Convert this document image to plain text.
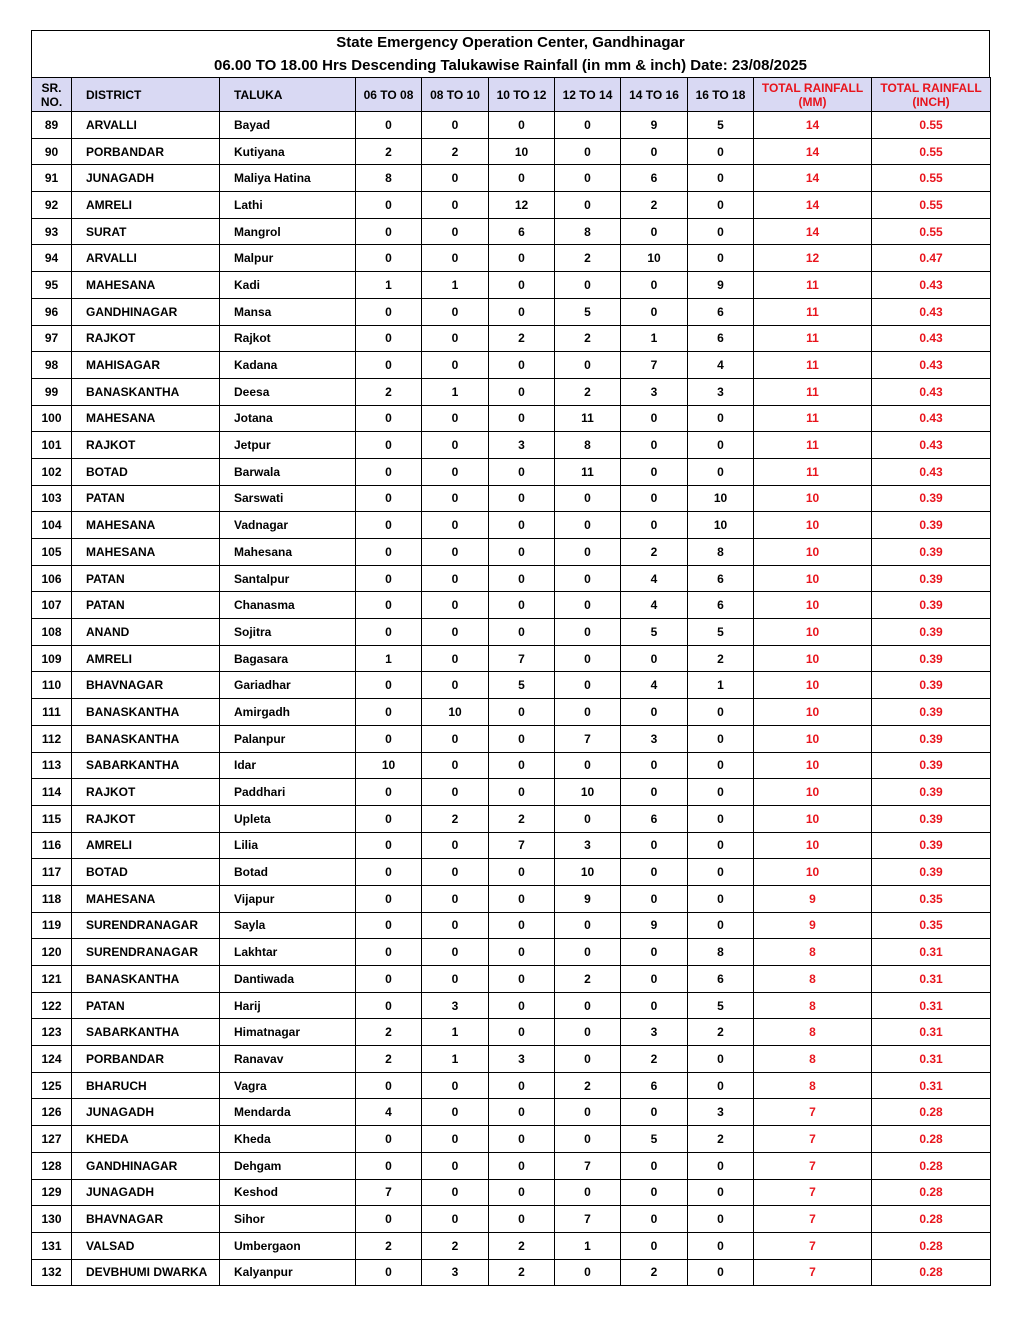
State Emergency Operation Center, Gandhinagar
06.00 TO 18.00 Hrs Descending Talukawise Rainfall (in mm & inch) Date: 23/08/2025
SR. NO.	DISTRICT	TALUKA	06 TO 08	08 TO 10	10 TO 12	12 TO 14	14 TO 16	16 TO 18	TOTAL RAINFALL (MM)	TOTAL RAINFALL (INCH)
89	ARVALLI	Bayad	0	0	0	0	9	5	14	0.55
90	PORBANDAR	Kutiyana	2	2	10	0	0	0	14	0.55
91	JUNAGADH	Maliya Hatina	8	0	0	0	6	0	14	0.55
92	AMRELI	Lathi	0	0	12	0	2	0	14	0.55
93	SURAT	Mangrol	0	0	6	8	0	0	14	0.55
94	ARVALLI	Malpur	0	0	0	2	10	0	12	0.47
95	MAHESANA	Kadi	1	1	0	0	0	9	11	0.43
96	GANDHINAGAR	Mansa	0	0	0	5	0	6	11	0.43
97	RAJKOT	Rajkot	0	0	2	2	1	6	11	0.43
98	MAHISAGAR	Kadana	0	0	0	0	7	4	11	0.43
99	BANASKANTHA	Deesa	2	1	0	2	3	3	11	0.43
100	MAHESANA	Jotana	0	0	0	11	0	0	11	0.43
101	RAJKOT	Jetpur	0	0	3	8	0	0	11	0.43
102	BOTAD	Barwala	0	0	0	11	0	0	11	0.43
103	PATAN	Sarswati	0	0	0	0	0	10	10	0.39
104	MAHESANA	Vadnagar	0	0	0	0	0	10	10	0.39
105	MAHESANA	Mahesana	0	0	0	0	2	8	10	0.39
106	PATAN	Santalpur	0	0	0	0	4	6	10	0.39
107	PATAN	Chanasma	0	0	0	0	4	6	10	0.39
108	ANAND	Sojitra	0	0	0	0	5	5	10	0.39
109	AMRELI	Bagasara	1	0	7	0	0	2	10	0.39
110	BHAVNAGAR	Gariadhar	0	0	5	0	4	1	10	0.39
111	BANASKANTHA	Amirgadh	0	10	0	0	0	0	10	0.39
112	BANASKANTHA	Palanpur	0	0	0	7	3	0	10	0.39
113	SABARKANTHA	Idar	10	0	0	0	0	0	10	0.39
114	RAJKOT	Paddhari	0	0	0	10	0	0	10	0.39
115	RAJKOT	Upleta	0	2	2	0	6	0	10	0.39
116	AMRELI	Lilia	0	0	7	3	0	0	10	0.39
117	BOTAD	Botad	0	0	0	10	0	0	10	0.39
118	MAHESANA	Vijapur	0	0	0	9	0	0	9	0.35
119	SURENDRANAGAR	Sayla	0	0	0	0	9	0	9	0.35
120	SURENDRANAGAR	Lakhtar	0	0	0	0	0	8	8	0.31
121	BANASKANTHA	Dantiwada	0	0	0	2	0	6	8	0.31
122	PATAN	Harij	0	3	0	0	0	5	8	0.31
123	SABARKANTHA	Himatnagar	2	1	0	0	3	2	8	0.31
124	PORBANDAR	Ranavav	2	1	3	0	2	0	8	0.31
125	BHARUCH	Vagra	0	0	0	2	6	0	8	0.31
126	JUNAGADH	Mendarda	4	0	0	0	0	3	7	0.28
127	KHEDA	Kheda	0	0	0	0	5	2	7	0.28
128	GANDHINAGAR	Dehgam	0	0	0	7	0	0	7	0.28
129	JUNAGADH	Keshod	7	0	0	0	0	0	7	0.28
130	BHAVNAGAR	Sihor	0	0	0	7	0	0	7	0.28
131	VALSAD	Umbergaon	2	2	2	1	0	0	7	0.28
132	DEVBHUMI DWARKA	Kalyanpur	0	3	2	0	2	0	7	0.28
